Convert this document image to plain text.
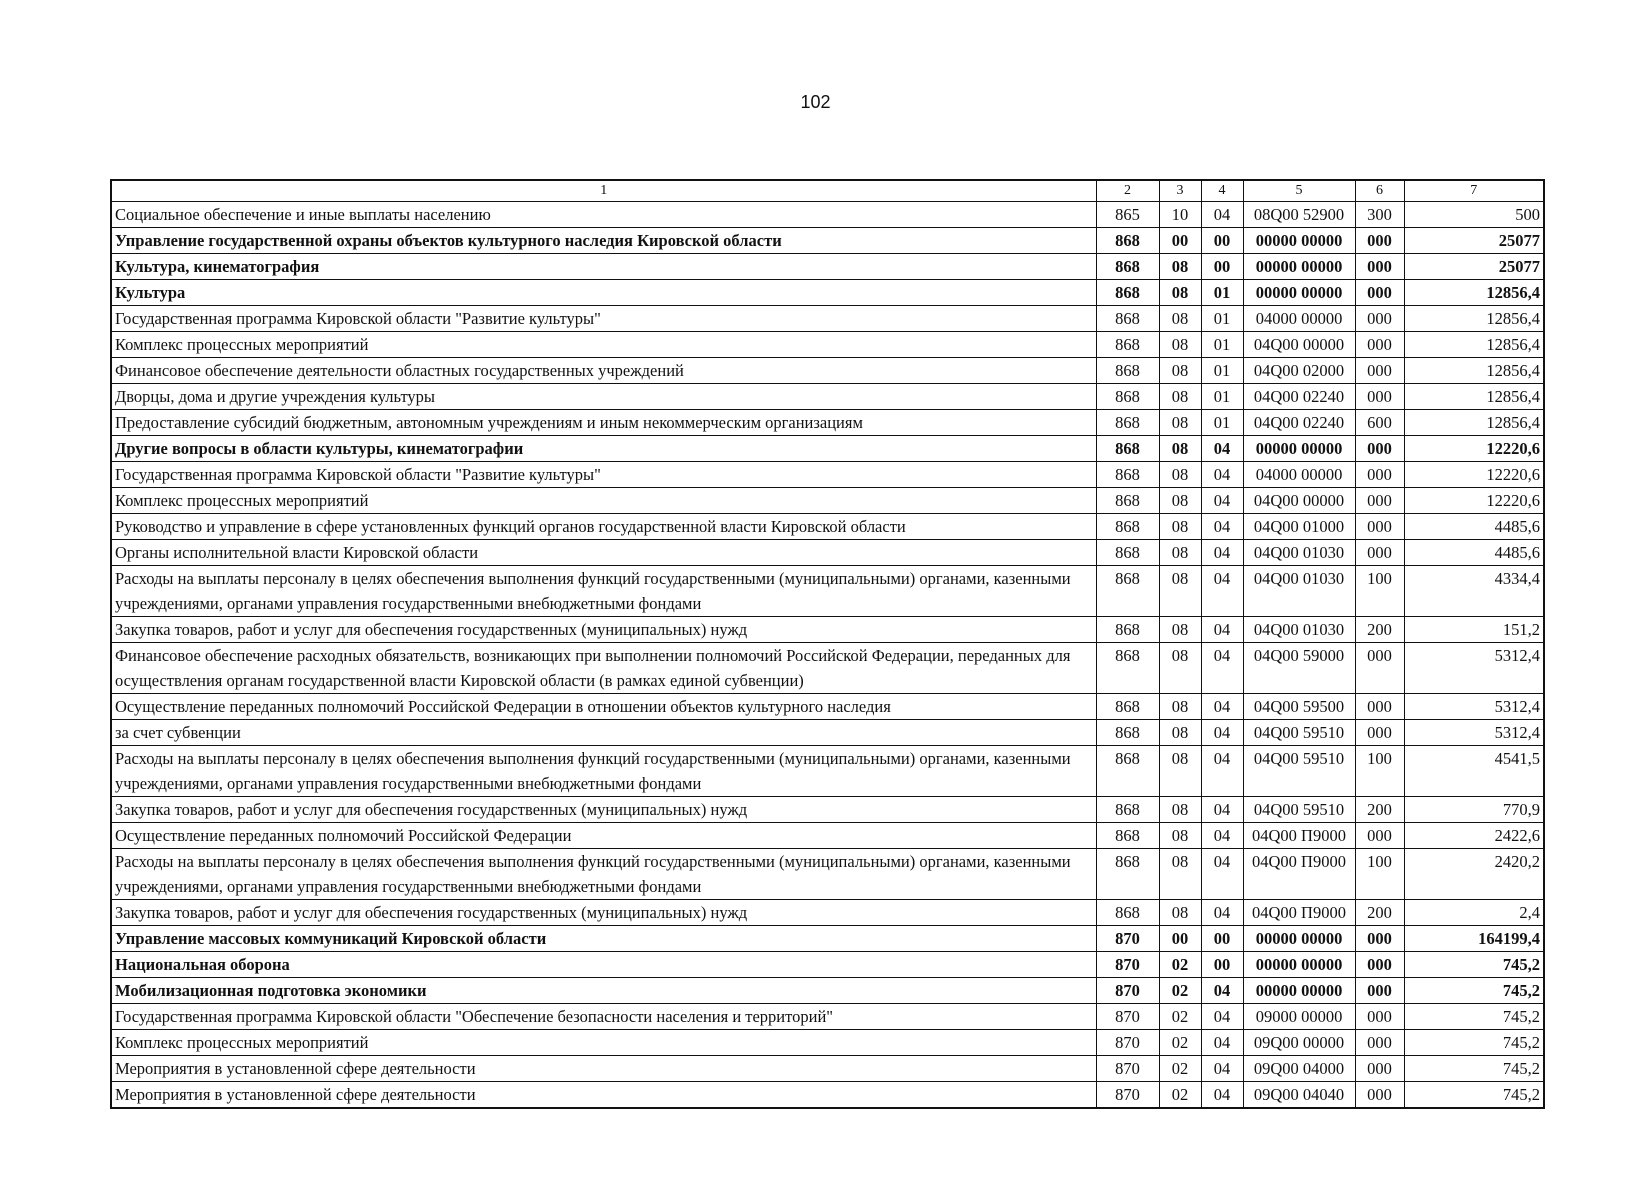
102
1	2	3	4	5	6	7
Социальное обеспечение и иные выплаты населению	865	10	04	08Q00 52900	300	500
Управление государственной охраны объектов культурного наследия Кировской области	868	00	00	00000 00000	000	25077
Культура, кинематография	868	08	00	00000 00000	000	25077
Культура	868	08	01	00000 00000	000	12856,4
Государственная программа Кировской области "Развитие культуры"	868	08	01	04000 00000	000	12856,4
Комплекс процессных мероприятий	868	08	01	04Q00 00000	000	12856,4
Финансовое обеспечение деятельности областных государственных учреждений	868	08	01	04Q00 02000	000	12856,4
Дворцы, дома и другие учреждения культуры	868	08	01	04Q00 02240	000	12856,4
Предоставление субсидий бюджетным, автономным учреждениям и иным некоммерческим организациям	868	08	01	04Q00 02240	600	12856,4
Другие вопросы в области культуры, кинематографии	868	08	04	00000 00000	000	12220,6
Государственная программа Кировской области "Развитие культуры"	868	08	04	04000 00000	000	12220,6
Комплекс процессных мероприятий	868	08	04	04Q00 00000	000	12220,6
Руководство и управление в сфере установленных функций органов государственной власти Кировской области	868	08	04	04Q00 01000	000	4485,6
Органы исполнительной власти Кировской области	868	08	04	04Q00 01030	000	4485,6
Расходы на выплаты персоналу в целях обеспечения выполнения функций государственными (муниципальными) органами, казенными учреждениями, органами управления государственными внебюджетными фондами	868	08	04	04Q00 01030	100	4334,4
Закупка товаров, работ и услуг для обеспечения государственных (муниципальных) нужд	868	08	04	04Q00 01030	200	151,2
Финансовое обеспечение расходных обязательств, возникающих при выполнении полномочий Российской Федерации, переданных для осуществления органам государственной власти Кировской области (в рамках единой субвенции)	868	08	04	04Q00 59000	000	5312,4
Осуществление переданных полномочий Российской Федерации в отношении объектов культурного наследия	868	08	04	04Q00 59500	000	5312,4
за счет субвенции	868	08	04	04Q00 59510	000	5312,4
Расходы на выплаты персоналу в целях обеспечения выполнения функций государственными (муниципальными) органами, казенными учреждениями, органами управления государственными внебюджетными фондами	868	08	04	04Q00 59510	100	4541,5
Закупка товаров, работ и услуг для обеспечения государственных (муниципальных) нужд	868	08	04	04Q00 59510	200	770,9
Осуществление переданных полномочий Российской Федерации	868	08	04	04Q00 П9000	000	2422,6
Расходы на выплаты персоналу в целях обеспечения выполнения функций государственными (муниципальными) органами, казенными учреждениями, органами управления государственными внебюджетными фондами	868	08	04	04Q00 П9000	100	2420,2
Закупка товаров, работ и услуг для обеспечения государственных (муниципальных) нужд	868	08	04	04Q00 П9000	200	2,4
Управление массовых коммуникаций Кировской области	870	00	00	00000 00000	000	164199,4
Национальная оборона	870	02	00	00000 00000	000	745,2
Мобилизационная подготовка экономики	870	02	04	00000 00000	000	745,2
Государственная программа Кировской области "Обеспечение безопасности населения и территорий"	870	02	04	09000 00000	000	745,2
Комплекс процессных мероприятий	870	02	04	09Q00 00000	000	745,2
Мероприятия в установленной сфере деятельности	870	02	04	09Q00 04000	000	745,2
Мероприятия в установленной сфере деятельности	870	02	04	09Q00 04040	000	745,2
